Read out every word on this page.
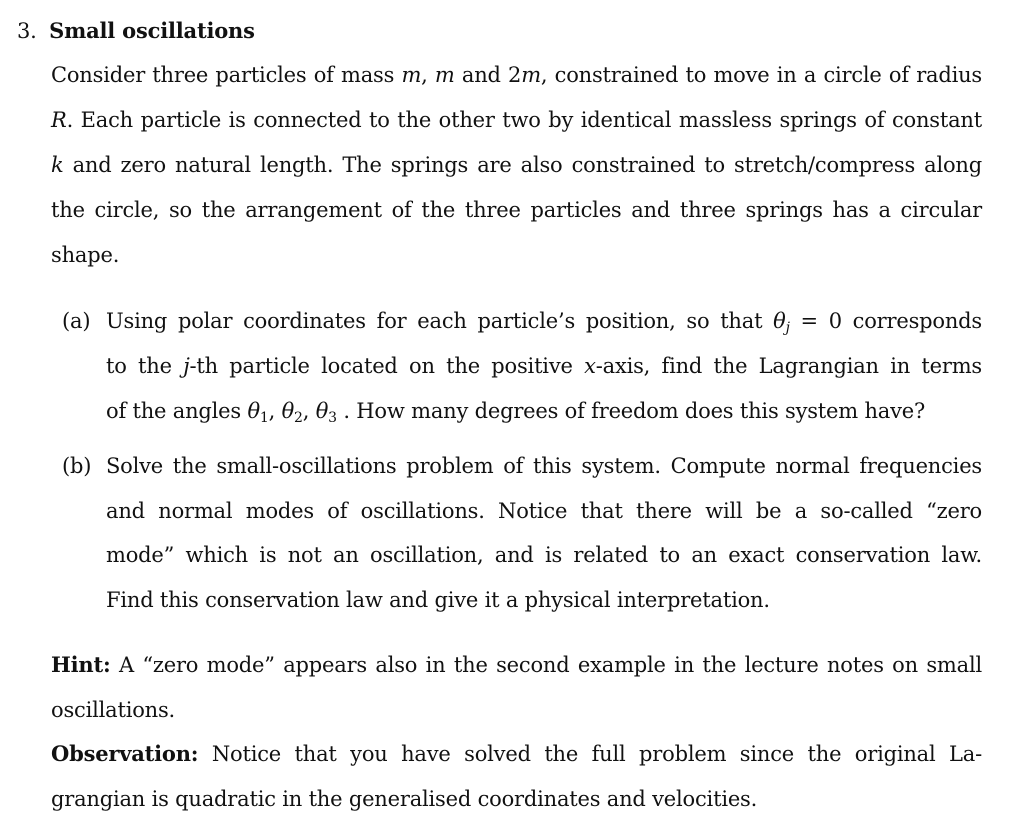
3. Small oscillations
Consider three particles of mass m, m and 2m, constrained to move in a circle of radius
R. Each particle is connected to the other two by identical massless springs of constant
k and zero natural length. The springs are also constrained to stretch/compress along
the circle, so the arrangement of the three particles and three springs has a circular
shape.
(a) Using polar coordinates for each particle’s position, so that $\theta_j = 0$ corresponds
to the j-th particle located on the positive x-axis, find the Lagrangian in terms
of the angles $\theta_1$, $\theta_2$, $\theta_3$ . How many degrees of freedom does this system have?
(b) Solve the small-oscillations problem of this system. Compute normal frequencies
and normal modes of oscillations. Notice that there will be a so-called “zero
mode” which is not an oscillation, and is related to an exact conservation law.
Find this conservation law and give it a physical interpretation.
Hint: A “zero mode” appears also in the second example in the lecture notes on small
oscillations.
Observation: Notice that you have solved the full problem since the original La-
grangian is quadratic in the generalised coordinates and velocities.
